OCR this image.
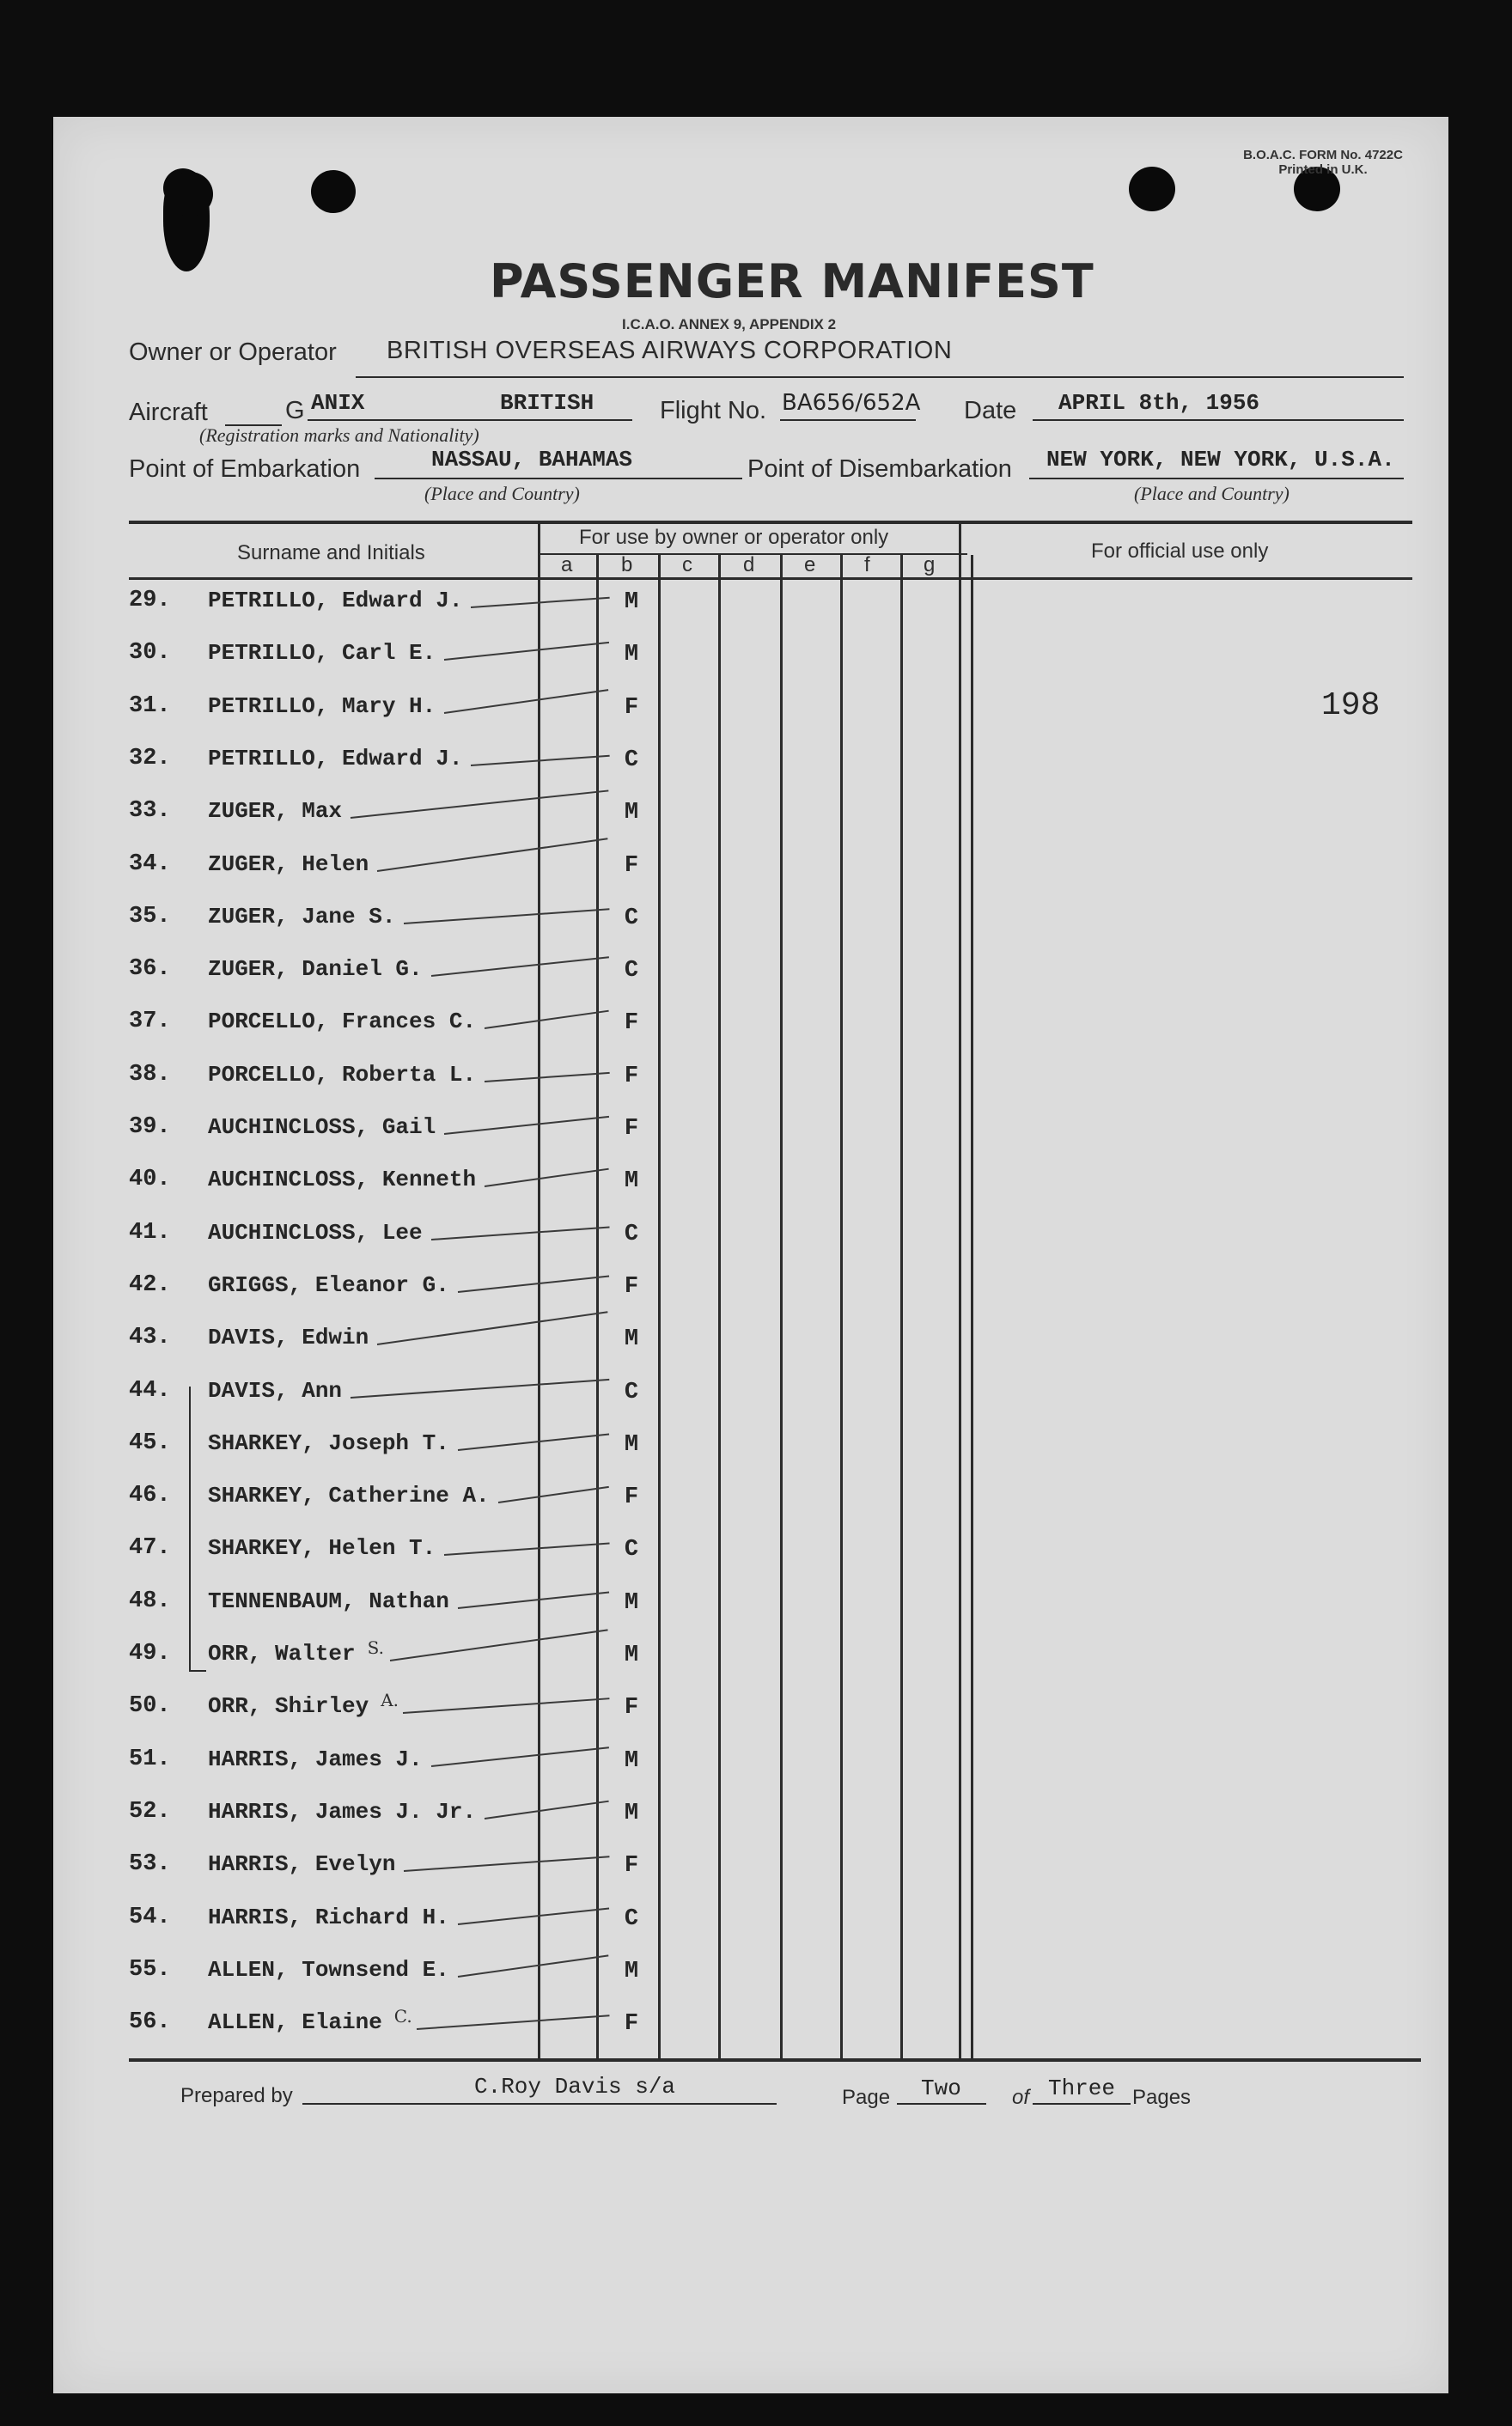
B.O.A.C. FORM No. 4722C
Printed in U.K.
PASSENGER MANIFEST
I.C.A.O. ANNEX 9, APPENDIX 2
Owner or Operator BRITISH OVERSEAS AIRWAYS CORPORATION
Aircraft	G ANIX	BRITISH
(Registration marks and Nationality)
Flight No. BA656/652A Date APRIL 8th, 1956
Point of Embarkation	NASSAU, BAHAMAS
(Place and Country)
Point of Disembarkation NEW YORK, NEW YORK, U.S.A.
(Place and Country)
Surname and Initials
For use by owner or operator only
For official use only
a b c d e f	g
198
29.	PETRILLO, Edward J.	M
30.	PETRILLO, Carl E.	M
31.	PETRILLO, Mary H.	F
32.	PETRILLO, Edward J.	C
33.	ZUGER, Max	M
34.	ZUGER, Helen	F
35.	ZUGER, Jane S.	C
36.	ZUGER, Daniel G.	C
37.	PORCELLO, Frances C.	F
38.	PORCELLO, Roberta L.	F
39.	AUCHINCLOSS, Gail	F
40.	AUCHINCLOSS, Kenneth	M
41.	AUCHINCLOSS, Lee	C
42.	GRIGGS, Eleanor G.	F
43.	DAVIS, Edwin	M
44.	DAVIS, Ann	C
45.	SHARKEY, Joseph T.	M
46.	SHARKEY, Catherine A.	F
47.	SHARKEY, Helen T.	C
48.	TENNENBAUM, Nathan	M
49.	ORR, Walter S.	M
50.	ORR, Shirley A.	F
51.	HARRIS, James J.	M
52.	HARRIS, James J. Jr.	M
53.	HARRIS, Evelyn	F
54.	HARRIS, Richard H.	C
55.	ALLEN, Townsend E.	M
56.	ALLEN, Elaine C.	F
Prepared by	C.Roy Davis s/a	Page Two of Three Pages
